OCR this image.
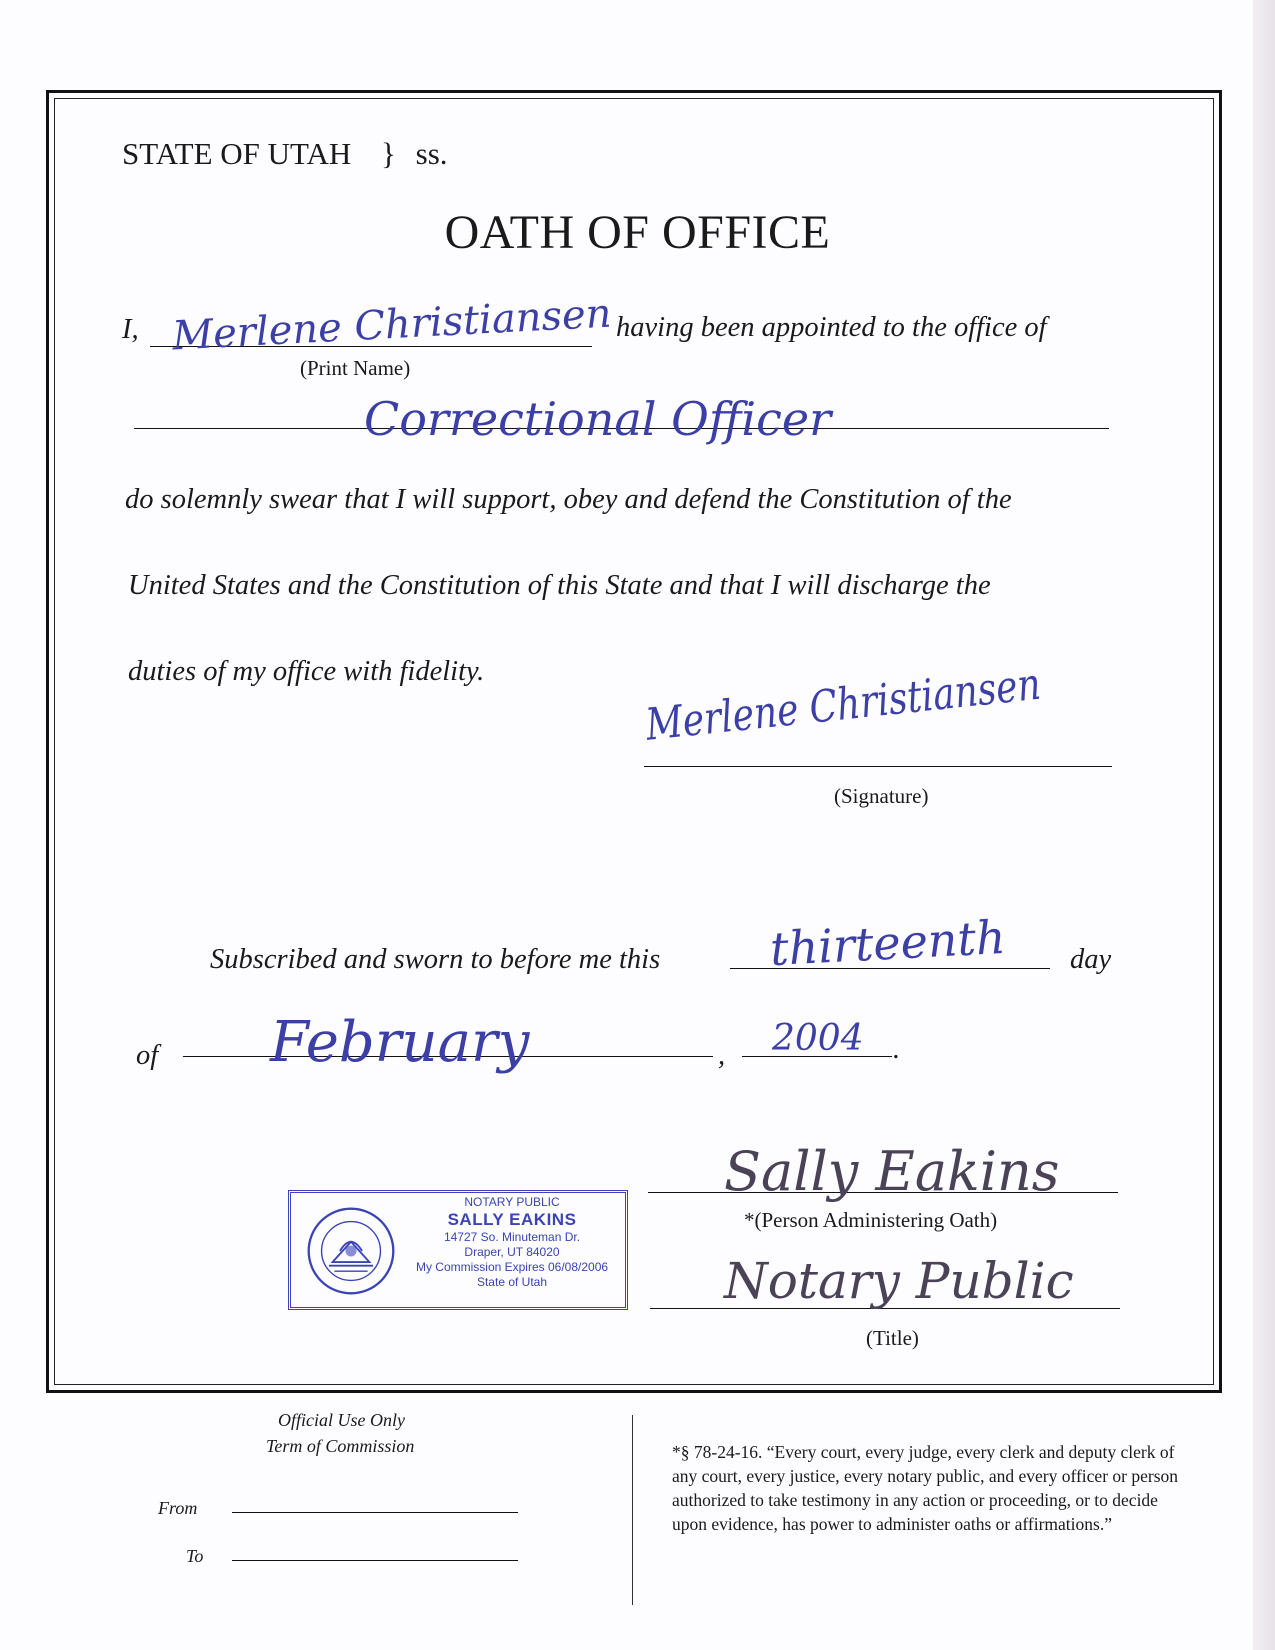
STATE OF UTAH } ss.
OATH OF OFFICE
I, Merlene Christiansen having been appointed to the office of
(Print Name)
Correctional Officer
do solemnly swear that I will support, obey and defend the Constitution of the
United States and the Constitution of this State and that I will discharge the
duties of my office with fidelity.	Merlene Christiansen
(Signature)
Subscribed and sworn to before me this thirteenth day
of February	, 2004 .
Sally Eakins
*(Person Administering Oath)
Notary Public
(Title)
NOTARY PUBLIC
SALLY EAKINS
14727 So. Minuteman Dr.
Draper, UT 84020
My Commission Expires 06/08/2006
State of Utah
Official Use Only
Term of Commission
From
To
*§ 78-24-16. “Every court, every judge, every clerk and deputy clerk of any court, every justice, every notary public, and every officer or person authorized to take testimony in any action or proceeding, or to decide upon evidence, has power to administer oaths or affirmations.”
